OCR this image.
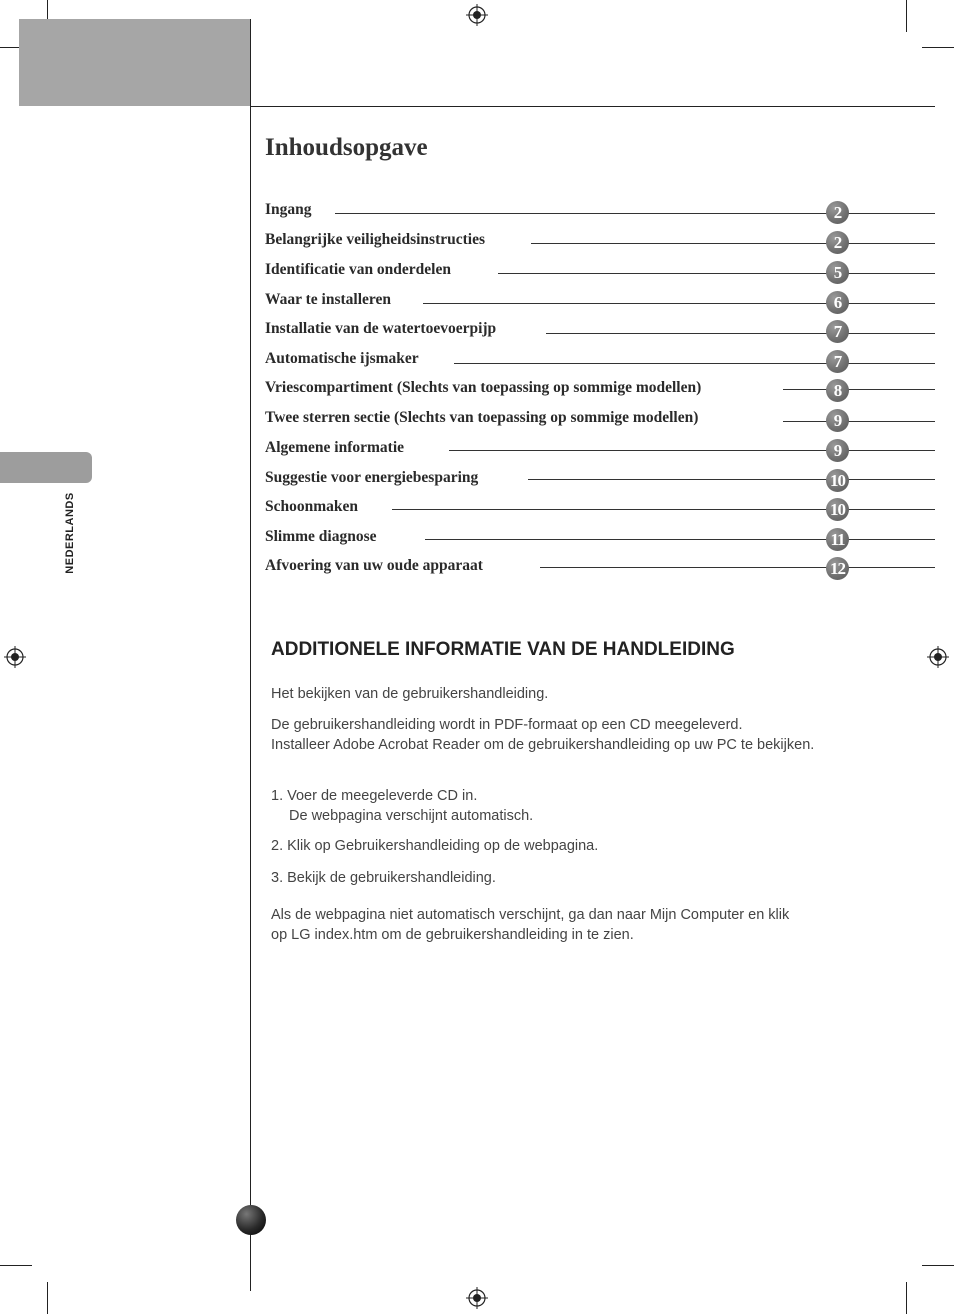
NEDERLANDS
Inhoudsopgave
Ingang	2
Belangrijke veiligheidsinstructies	2
Identificatie van onderdelen	5
Waar te installeren	6
Installatie van de watertoevoerpijp	7
Automatische ijsmaker	7
Vriescompartiment (Slechts van toepassing op sommige modellen)	8
Twee sterren sectie (Slechts van toepassing op sommige modellen)	9
Algemene informatie	9
Suggestie voor energiebesparing	10
Schoonmaken	10
Slimme diagnose	11
Afvoering van uw oude apparaat	12
ADDITIONELE INFORMATIE VAN DE HANDLEIDING

Het bekijken van de gebruikershandleiding.

De gebruikershandleiding wordt in PDF-formaat op een CD meegeleverd.
Installeer Adobe Acrobat Reader om de gebruikershandleiding op uw PC te bekijken.

1. Voer de meegeleverde CD in.

De webpagina verschijnt automatisch.

2. Klik op Gebruikershandleiding op de webpagina.

3. Bekijk de gebruikershandleiding.

Als de webpagina niet automatisch verschijnt, ga dan naar Mijn Computer en klik
op LG index.htm om de gebruikershandleiding in te zien.
